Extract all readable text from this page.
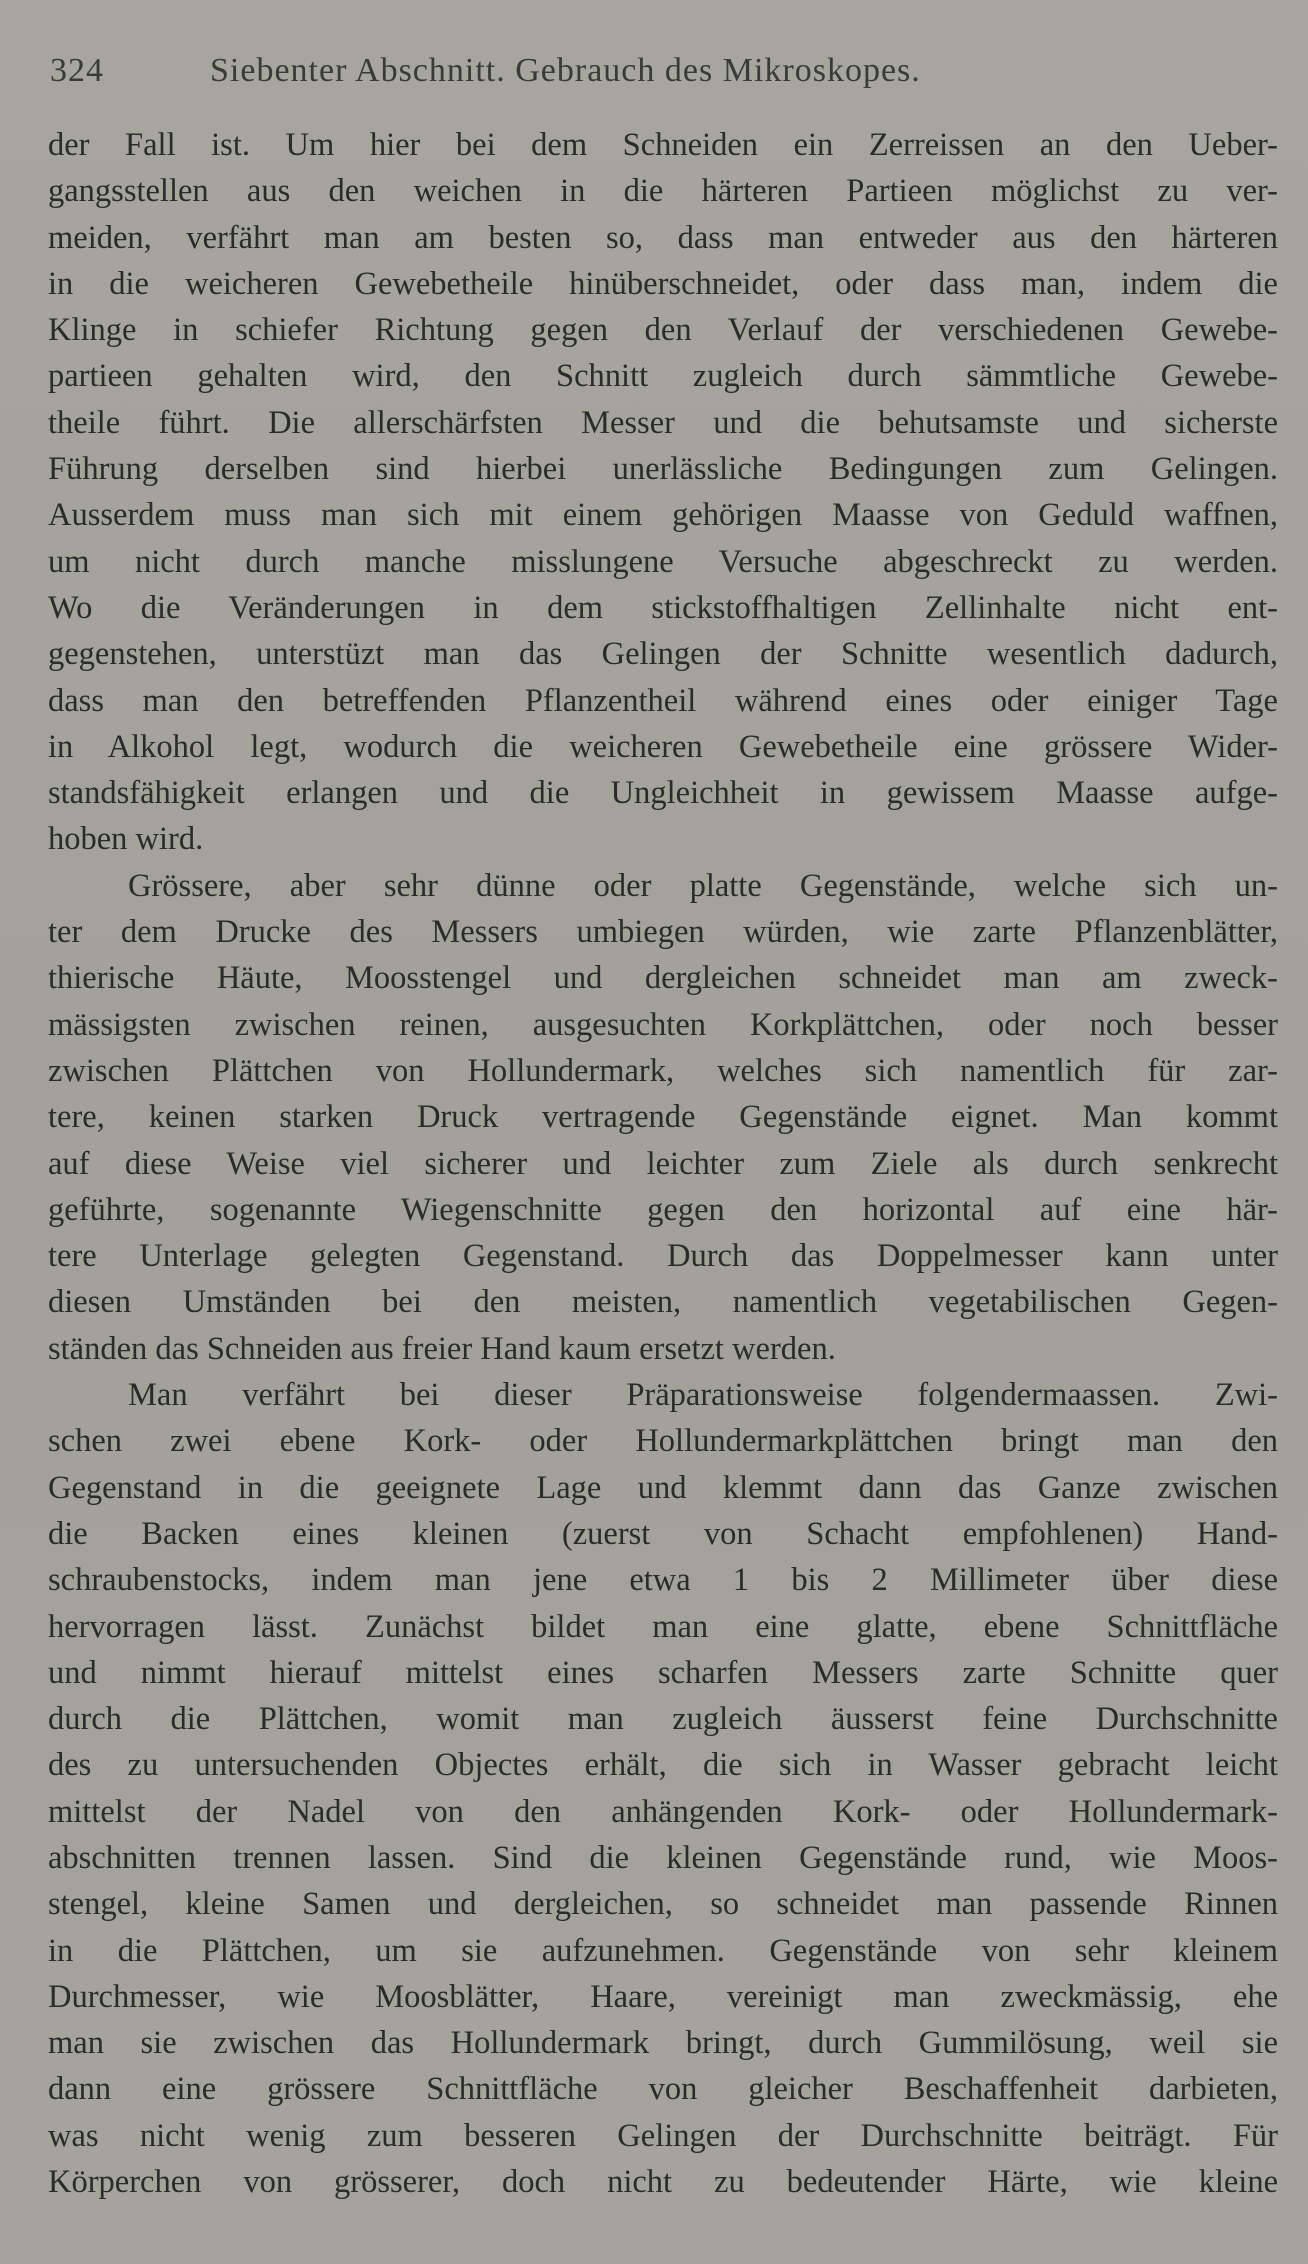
324	Siebenter Abschnitt. Gebrauch des Mikroskopes.
der Fall ist. Um hier bei dem Schneiden ein Zerreissen an den Ueber-
gangsstellen aus den weichen in die härteren Partieen möglichst zu ver-
meiden, verfährt man am besten so, dass man entweder aus den härteren
in die weicheren Gewebetheile hinüberschneidet, oder dass man, indem die
Klinge in schiefer Richtung gegen den Verlauf der verschiedenen Gewebe-
partieen gehalten wird, den Schnitt zugleich durch sämmtliche Gewebe-
theile führt. Die allerschärfsten Messer und die behutsamste und sicherste
Führung derselben sind hierbei unerlässliche Bedingungen zum Gelingen.
Ausserdem muss man sich mit einem gehörigen Maasse von Geduld waffnen,
um nicht durch manche misslungene Versuche abgeschreckt zu werden.
Wo die Veränderungen in dem stickstoffhaltigen Zellinhalte nicht ent-
gegenstehen, unterstüzt man das Gelingen der Schnitte wesentlich dadurch,
dass man den betreffenden Pflanzentheil während eines oder einiger Tage
in Alkohol legt, wodurch die weicheren Gewebetheile eine grössere Wider-
standsfähigkeit erlangen und die Ungleichheit in gewissem Maasse aufge-
hoben wird.
Grössere, aber sehr dünne oder platte Gegenstände, welche sich un-
ter dem Drucke des Messers umbiegen würden, wie zarte Pflanzenblätter,
thierische Häute, Moosstengel und dergleichen schneidet man am zweck-
mässigsten zwischen reinen, ausgesuchten Korkplättchen, oder noch besser
zwischen Plättchen von Hollundermark, welches sich namentlich für zar-
tere, keinen starken Druck vertragende Gegenstände eignet. Man kommt
auf diese Weise viel sicherer und leichter zum Ziele als durch senkrecht
geführte, sogenannte Wiegenschnitte gegen den horizontal auf eine här-
tere Unterlage gelegten Gegenstand. Durch das Doppelmesser kann unter
diesen Umständen bei den meisten, namentlich vegetabilischen Gegen-
ständen das Schneiden aus freier Hand kaum ersetzt werden.
Man verfährt bei dieser Präparationsweise folgendermaassen. Zwi-
schen zwei ebene Kork- oder Hollundermarkplättchen bringt man den
Gegenstand in die geeignete Lage und klemmt dann das Ganze zwischen
die Backen eines kleinen (zuerst von Schacht empfohlenen) Hand-
schraubenstocks, indem man jene etwa 1 bis 2 Millimeter über diese
hervorragen lässt. Zunächst bildet man eine glatte, ebene Schnittfläche
und nimmt hierauf mittelst eines scharfen Messers zarte Schnitte quer
durch die Plättchen, womit man zugleich äusserst feine Durchschnitte
des zu untersuchenden Objectes erhält, die sich in Wasser gebracht leicht
mittelst der Nadel von den anhängenden Kork- oder Hollundermark-
abschnitten trennen lassen. Sind die kleinen Gegenstände rund, wie Moos-
stengel, kleine Samen und dergleichen, so schneidet man passende Rinnen
in die Plättchen, um sie aufzunehmen. Gegenstände von sehr kleinem
Durchmesser, wie Moosblätter, Haare, vereinigt man zweckmässig, ehe
man sie zwischen das Hollundermark bringt, durch Gummilösung, weil sie
dann eine grössere Schnittfläche von gleicher Beschaffenheit darbieten,
was nicht wenig zum besseren Gelingen der Durchschnitte beiträgt. Für
Körperchen von grösserer, doch nicht zu bedeutender Härte, wie kleine
